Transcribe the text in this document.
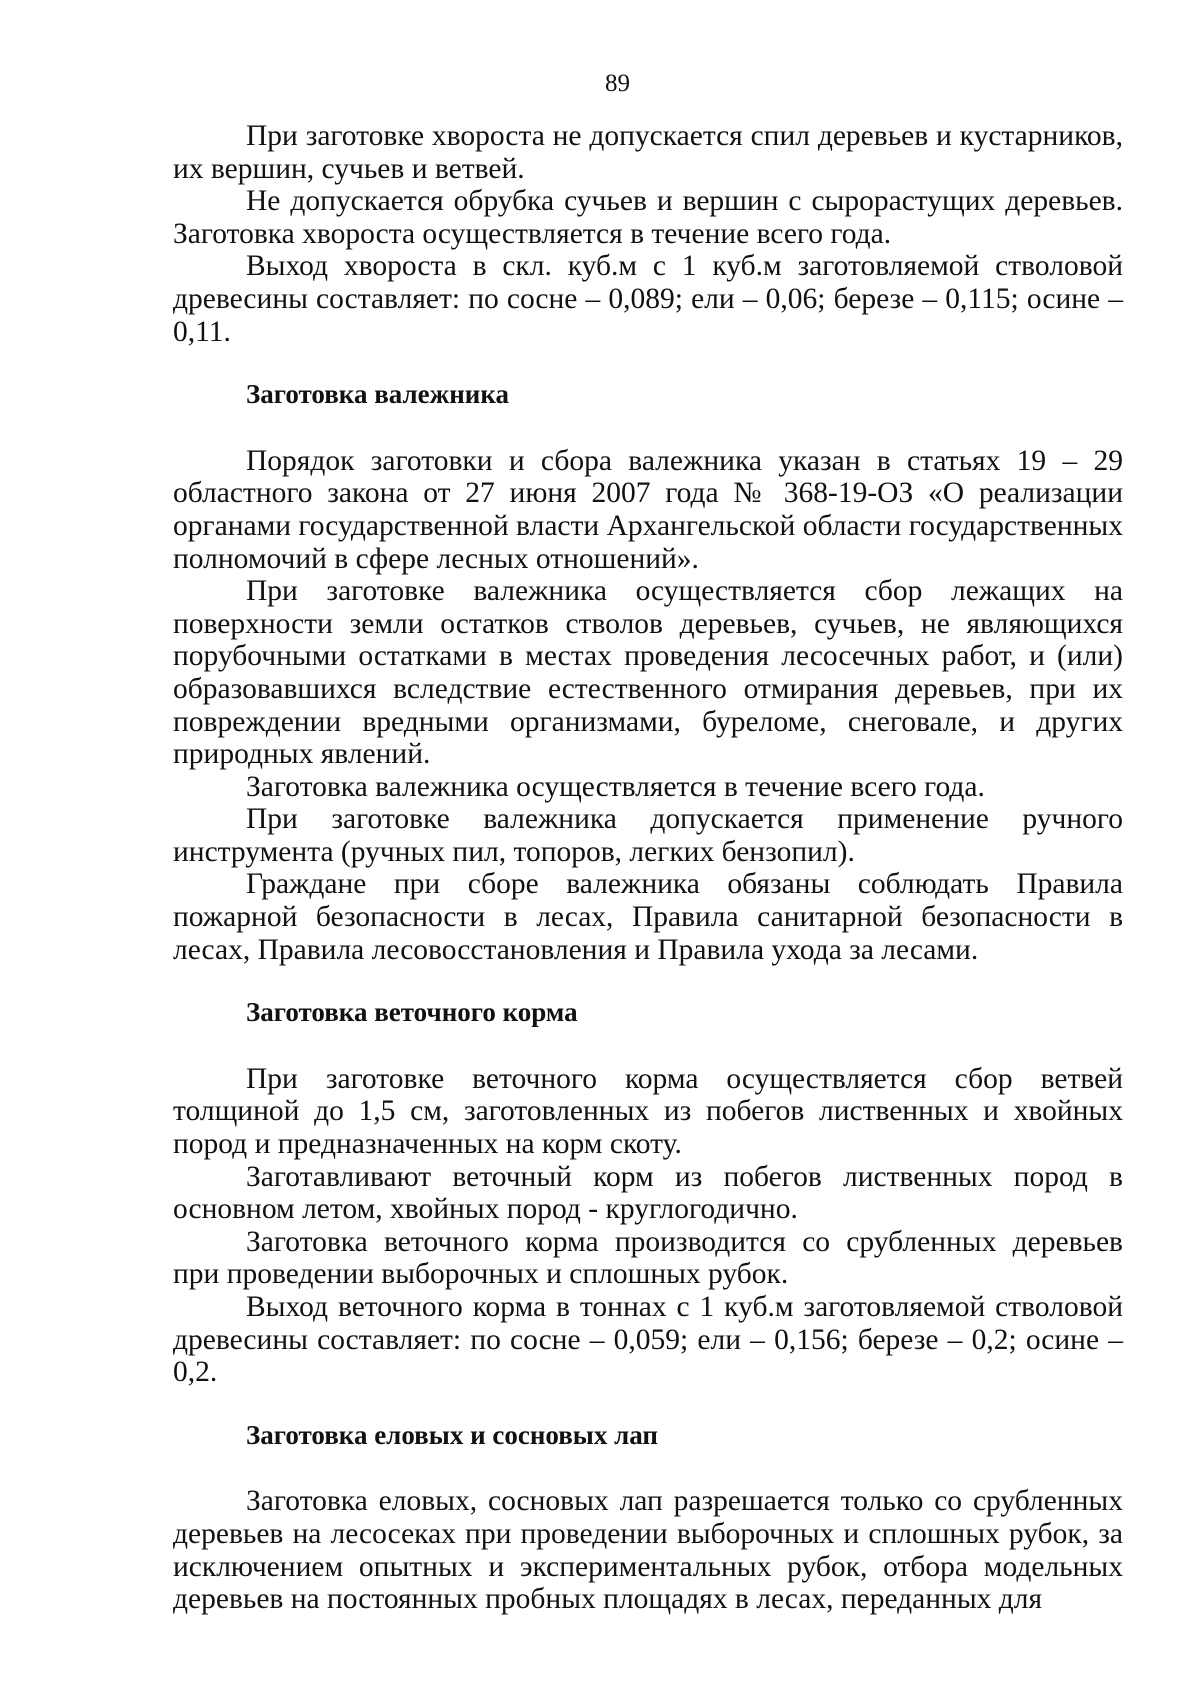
89

При заготовке хвороста не допускается спил деревьев и кустарников, их вершин, сучьев и ветвей.

Не допускается обрубка сучьев и вершин с сырорастущих деревьев. Заготовка хвороста осуществляется в течение всего года.

Выход хвороста в скл. куб.м с 1 куб.м заготовляемой стволовой древесины составляет: по сосне – 0,089; ели – 0,06; березе – 0,115; осине – 0,11.

Заготовка валежника

Порядок заготовки и сбора валежника указан в статьях 19 – 29 областного закона от 27 июня 2007 года № 368-19-ОЗ «О реализации органами государственной власти Архангельской области государственных полномочий в сфере лесных отношений».

При заготовке валежника осуществляется сбор лежащих на поверхности земли остатков стволов деревьев, сучьев, не являющихся порубочными остатками в местах проведения лесосечных работ, и (или) образовавшихся вследствие естественного отмирания деревьев, при их повреждении вредными организмами, буреломе, снеговале, и других природных явлений.

Заготовка валежника осуществляется в течение всего года.

При заготовке валежника допускается применение ручного инструмента (ручных пил, топоров, легких бензопил).

Граждане при сборе валежника обязаны соблюдать Правила пожарной безопасности в лесах, Правила санитарной безопасности в лесах, Правила лесовосстановления и Правила ухода за лесами.

Заготовка веточного корма

При заготовке веточного корма осуществляется сбор ветвей толщиной до 1,5 см, заготовленных из побегов лиственных и хвойных пород и предназначенных на корм скоту.

Заготавливают веточный корм из побегов лиственных пород в основном летом, хвойных пород - круглогодично.

Заготовка веточного корма производится со срубленных деревьев при проведении выборочных и сплошных рубок.

Выход веточного корма в тоннах с 1 куб.м заготовляемой стволовой древесины составляет: по сосне – 0,059; ели – 0,156; березе – 0,2; осине – 0,2.

Заготовка еловых и сосновых лап

Заготовка еловых, сосновых лап разрешается только со срубленных деревьев на лесосеках при проведении выборочных и сплошных рубок, за исключением опытных и экспериментальных рубок, отбора модельных деревьев на постоянных пробных площадях в лесах, переданных для
